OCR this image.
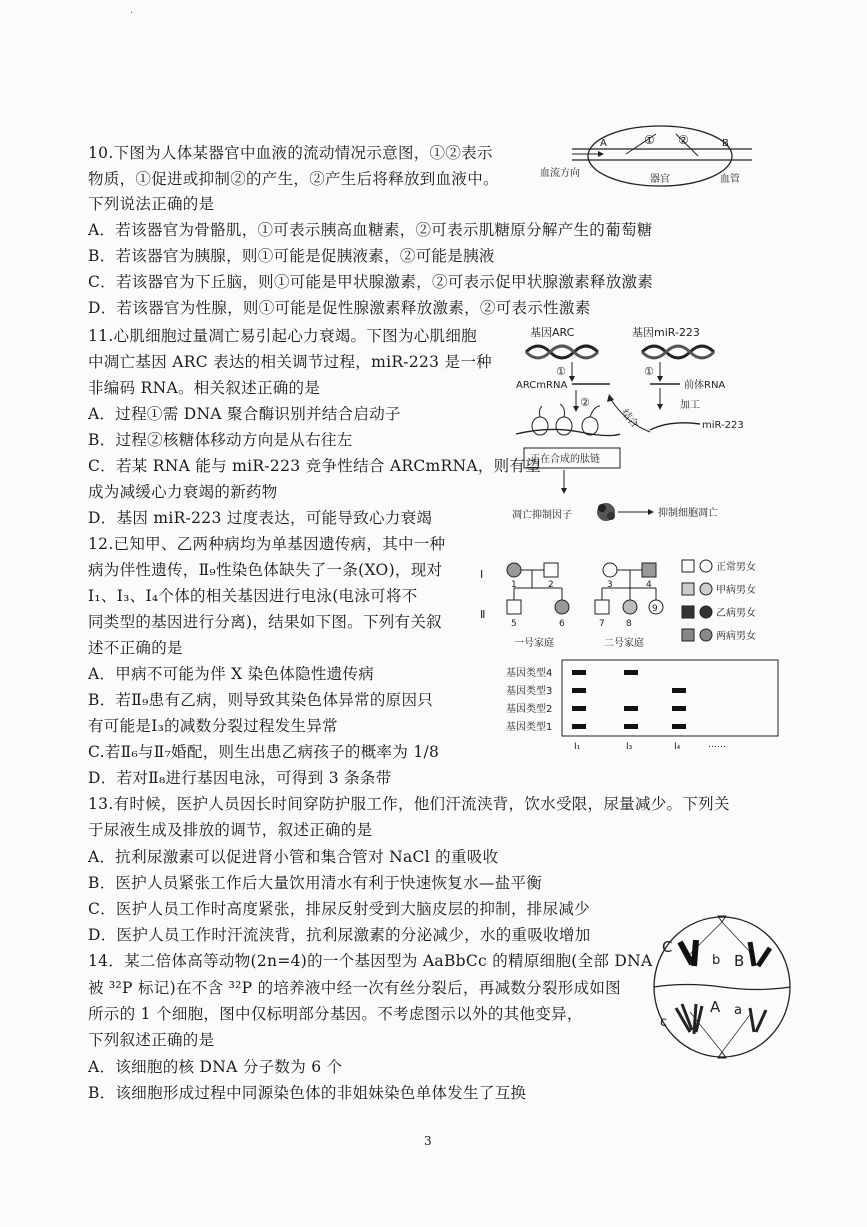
·
10.下图为人体某器官中血液的流动情况示意图，①②表示
物质，①促进或抑制②的产生，②产生后将释放到血液中。
下列说法正确的是
A．若该器官为骨骼肌，①可表示胰高血糖素，②可表示肌糖原分解产生的葡萄糖
B．若该器官为胰腺，则①可能是促胰液素，②可能是胰液
C．若该器官为下丘脑，则①可能是甲状腺激素，②可表示促甲状腺激素释放激素
D．若该器官为性腺，则①可能是促性腺激素释放激素，②可表示性激素
A	B
① ②
血流方向
器官	血管
11.心肌细胞过量凋亡易引起心力衰竭。下图为心肌细胞
中凋亡基因 ARC 表达的相关调节过程，miR-223 是一种
非编码 RNA。相关叙述正确的是
A．过程①需 DNA 聚合酶识别并结合启动子
B．过程②核糖体移动方向是从右往左
C．若某 RNA 能与 miR-223 竞争性结合 ARCmRNA，则有望
成为减缓心力衰竭的新药物
D．基因 miR-223 过度表达，可能导致心力衰竭
基因ARC	基因miR-223
①	①
ARCmRNA	前体RNA
加工
miR-223
结合
②
正在合成的肽链
凋亡抑制因子	抑制细胞凋亡
12.已知甲、乙两种病均为单基因遗传病，其中一种
病为伴性遗传，Ⅱ₉性染色体缺失了一条(XO)，现对
Ⅰ₁、Ⅰ₃、Ⅰ₄个体的相关基因进行电泳(电泳可将不
同类型的基因进行分离)，结果如下图。下列有关叙
述不正确的是
A．甲病不可能为伴 X 染色体隐性遗传病
B．若Ⅱ₉患有乙病，则导致其染色体异常的原因只
有可能是Ⅰ₃的减数分裂过程发生异常
C.若Ⅱ₆与Ⅱ₇婚配，则生出患乙病孩子的概率为 1/8
D．若对Ⅱ₈进行基因电泳，可得到 3 条条带
Ⅰ
Ⅱ
1	2
5	6
3	4
7 8
9
一号家庭	二号家庭
正常男女
甲病男女
乙病男女
两病男女
基因类型4
基因类型3
基因类型2
基因类型1
Ⅰ₁	Ⅰ₃	Ⅰ₄	……
13.有时候，医护人员因长时间穿防护服工作，他们汗流浃背，饮水受限，尿量减少。下列关
于尿液生成及排放的调节，叙述正确的是
A．抗利尿激素可以促进肾小管和集合管对 NaCl 的重吸收
B．医护人员紧张工作后大量饮用清水有利于快速恢复水—盐平衡
C．医护人员工作时高度紧张，排尿反射受到大脑皮层的抑制，排尿减少
D．医护人员工作时汗流浃背，抗利尿激素的分泌减少，水的重吸收增加
14．某二倍体高等动物(2n=4)的一个基因型为 AaBbCc 的精原细胞(全部 DNA
被 ³²P 标记)在不含 ³²P 的培养液中经一次有丝分裂后，再减数分裂形成如图
所示的 1 个细胞，图中仅标明部分基因。不考虑图示以外的其他变异，
下列叙述正确的是
A．该细胞的核 DNA 分子数为 6 个
B．该细胞形成过程中同源染色体的非姐妹染色单体发生了互换
C
b B
c
A a
3
